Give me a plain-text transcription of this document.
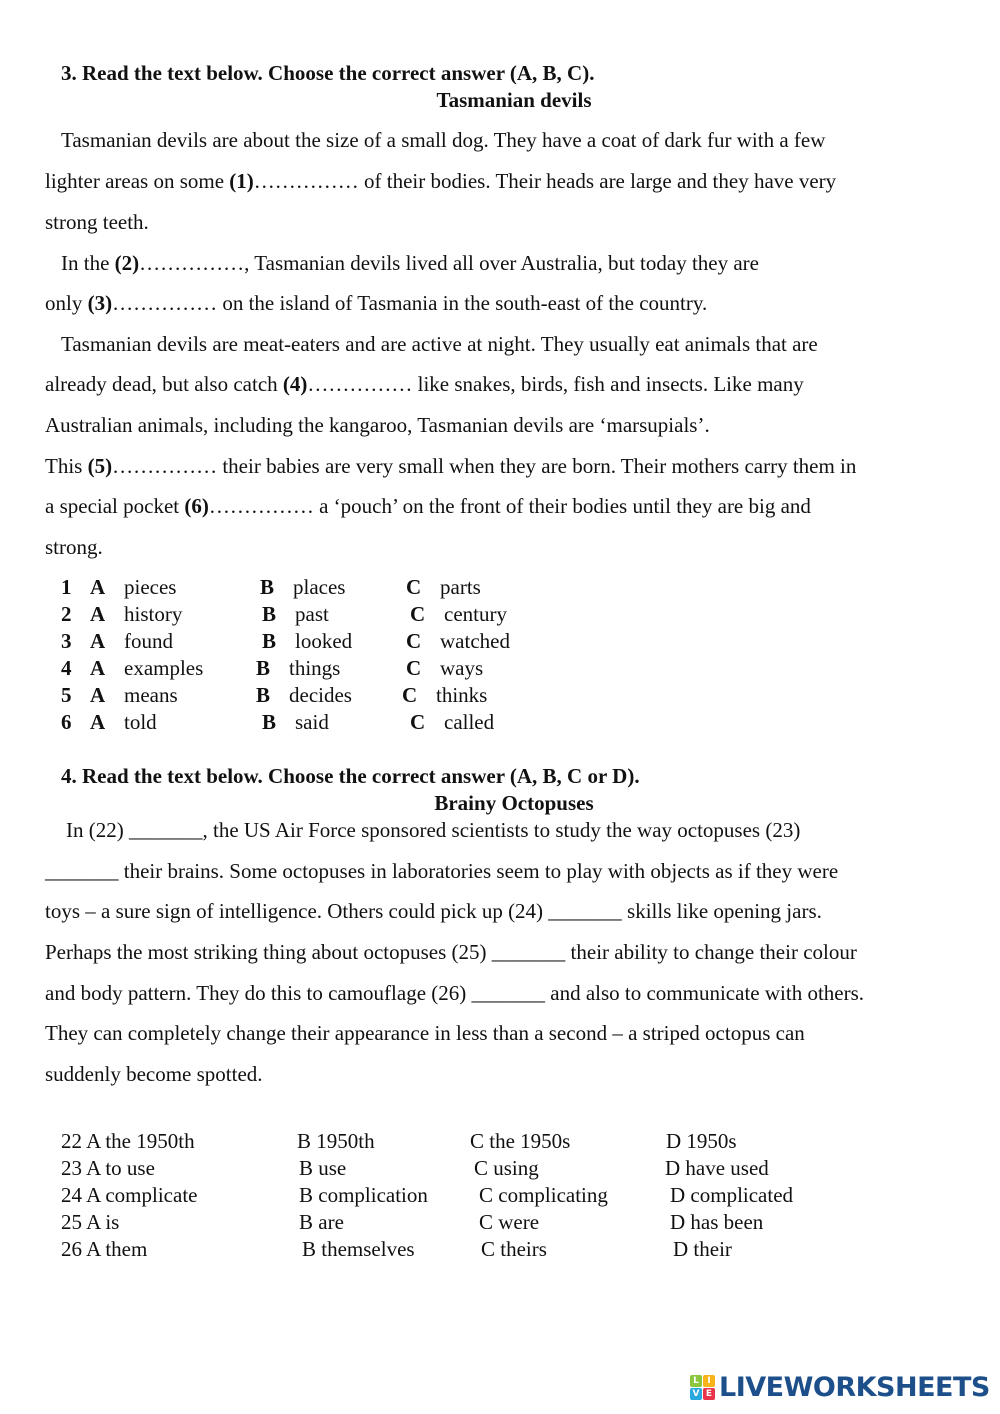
3. Read the text below. Choose the correct answer (A, B, C).
Tasmanian devils
Tasmanian devils are about the size of a small dog. They have a coat of dark fur with a few
lighter areas on some (1)…………… of their bodies. Their heads are large and they have very
strong teeth.
In the (2)……………, Tasmanian devils lived all over Australia, but today they are
only (3)…………… on the island of Tasmania in the south-east of the country.
Tasmanian devils are meat-eaters and are active at night. They usually eat animals that are
already dead, but also catch (4)…………… like snakes, birds, fish and insects. Like many
Australian animals, including the kangaroo, Tasmanian devils are ‘marsupials’.
This (5)…………… their babies are very small when they are born. Their mothers carry them in
a special pocket (6)…………… a ‘pouch’ on the front of their bodies until they are big and
strong.
1 A pieces	B places	C parts
2 A history	B past	C century
3 A found	B looked	C watched
4 A examples	B things	C ways
5 A means	B decides C thinks
6 A told	B said	C called
4. Read the text below. Choose the correct answer (A, B, C or D).
Brainy Octopuses
In (22) _______, the US Air Force sponsored scientists to study the way octopuses (23)
_______ their brains. Some octopuses in laboratories seem to play with objects as if they were
toys – a sure sign of intelligence. Others could pick up (24) _______ skills like opening jars.
Perhaps the most striking thing about octopuses (25) _______ their ability to change their colour
and body pattern. They do this to camouflage (26) _______ and also to communicate with others.
They can completely change their appearance in less than a second – a striped octopus can
suddenly become spotted.
22 A the 1950th	B 1950th	C the 1950s	D 1950s
23 A to use	B use	C using	D have used
24 A complicate	B complication C complicating	D complicated
25 A is	B are	C were	D has been
26 A them	B themselves	C theirs	D their
L I
V E LIVEWORKSHEETS
